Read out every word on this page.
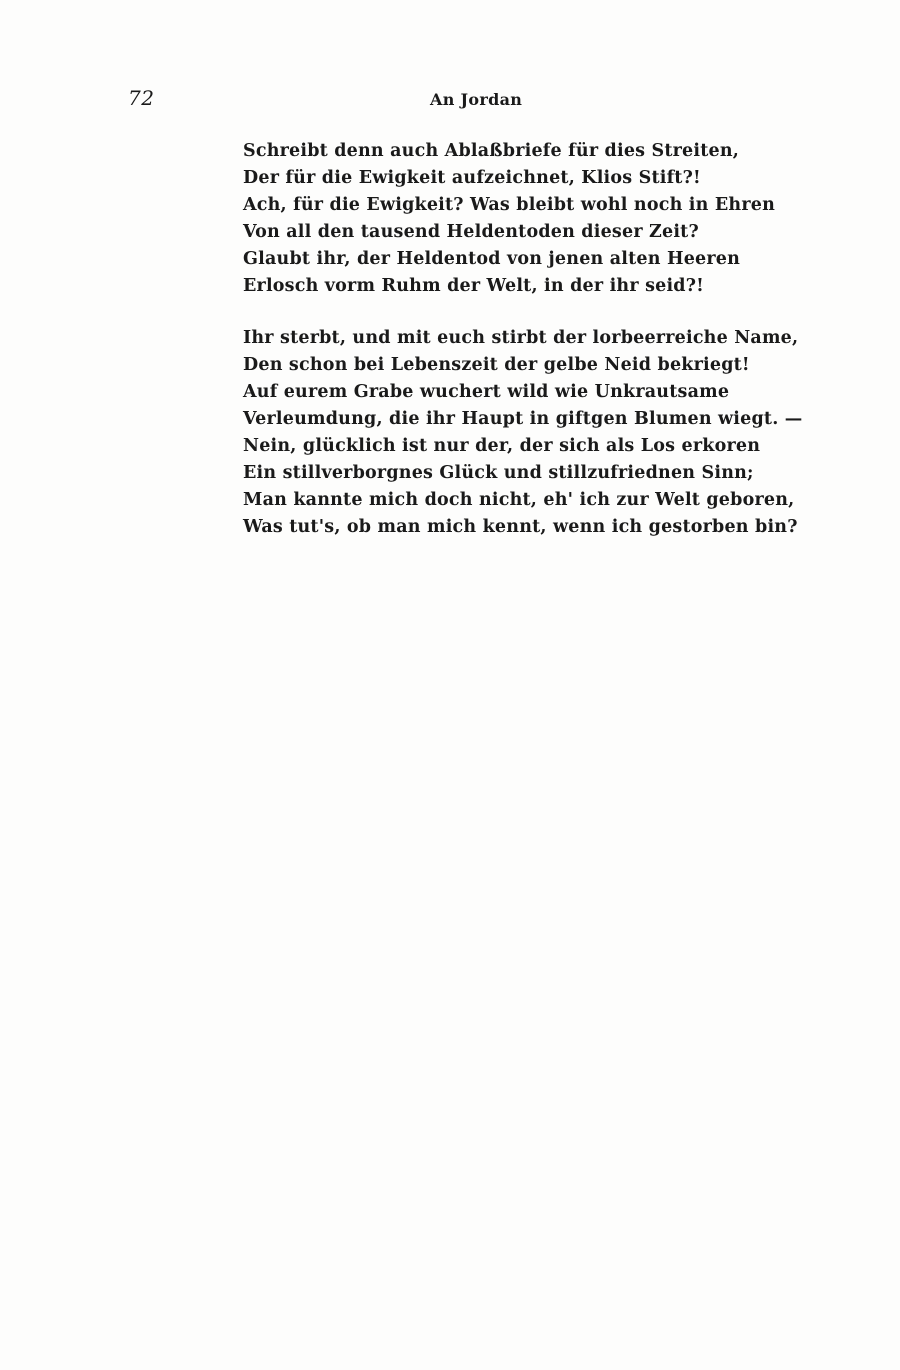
72	An Jordan
Schreibt denn auch Ablaßbriefe für dies Streiten,
Der für die Ewigkeit aufzeichnet, Klios Stift?!
Ach, für die Ewigkeit? Was bleibt wohl noch in Ehren
Von all den tausend Heldentoden dieser Zeit?
Glaubt ihr, der Heldentod von jenen alten Heeren
Erlosch vorm Ruhm der Welt, in der ihr seid?!
Ihr sterbt, und mit euch stirbt der lorbeerreiche Name,
Den schon bei Lebenszeit der gelbe Neid bekriegt!
Auf eurem Grabe wuchert wild wie Unkrautsame
Verleumdung, die ihr Haupt in giftgen Blumen wiegt. —
Nein, glücklich ist nur der, der sich als Los erkoren
Ein stillverborgnes Glück und stillzufriednen Sinn;
Man kannte mich doch nicht, eh' ich zur Welt geboren,
Was tut's, ob man mich kennt, wenn ich gestorben bin?
